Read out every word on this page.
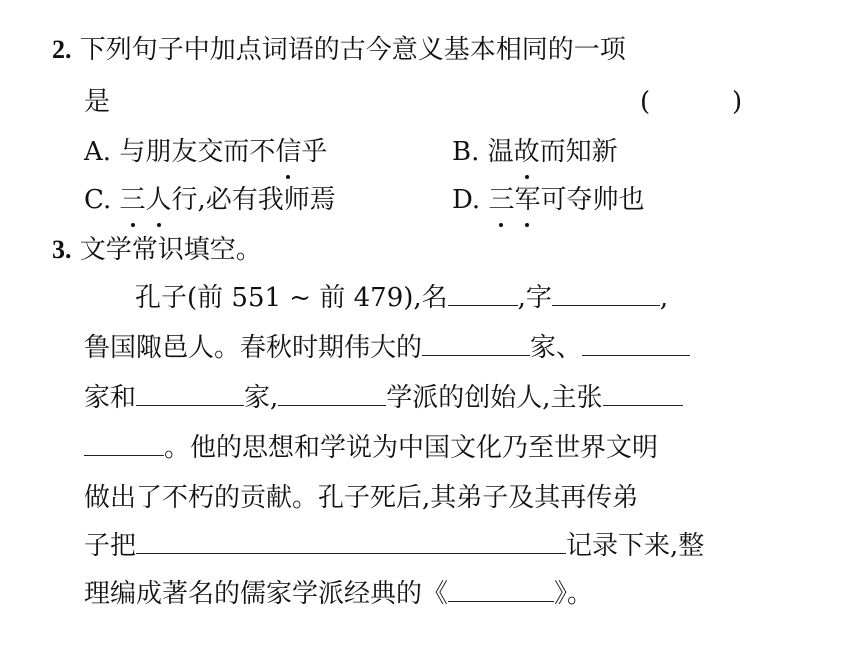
2. 下列句子中加点词语的古今意义基本相同的一项
是	(	)
A. 与朋友交而不信乎	B. 温故而知新
C. 三人行,必有我师焉	D. 三军可夺帅也
3. 文学常识填空。
孔子(前 551 ~ 前 479),名	,字	,
鲁国陬邑人。春秋时期伟大的	家、
家和	家,	学派的创始人,主张
。他的思想和学说为中国文化乃至世界文明
做出了不朽的贡献。孔子死后,其弟子及其再传弟
子把	记录下来,整
理编成著名的儒家学派经典的《	》。
